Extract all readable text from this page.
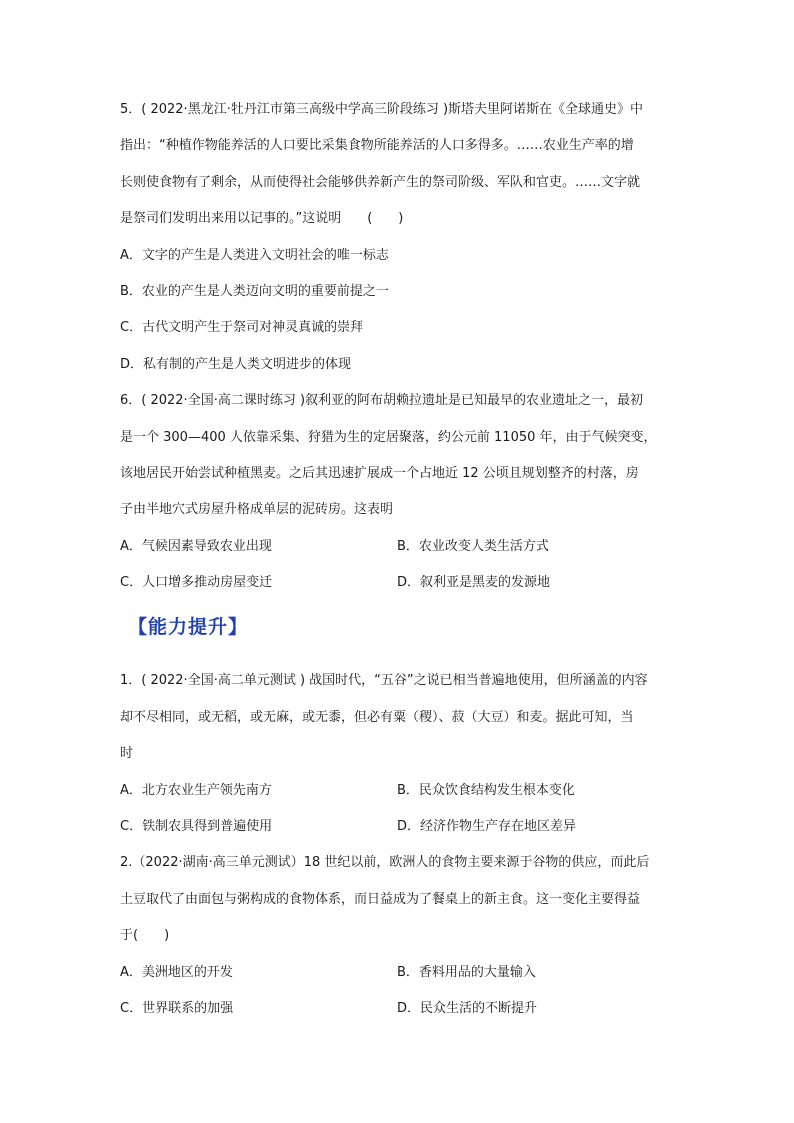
5．( 2022·黑龙江·牡丹江市第三高级中学高三阶段练习 )斯塔夫里阿诺斯在《全球通史》中
指出：“种植作物能养活的人口要比采集食物所能养活的人口多得多。……农业生产率的增
长则使食物有了剩余，从而使得社会能够供养新产生的祭司阶级、军队和官吏。……文字就
是祭司们发明出来用以记事的。”这说明　　(　　)
A．文字的产生是人类进入文明社会的唯一标志
B．农业的产生是人类迈向文明的重要前提之一
C．古代文明产生于祭司对神灵真诚的崇拜
D．私有制的产生是人类文明进步的体现
6．( 2022·全国·高二课时练习 )叙利亚的阿布胡赖拉遗址是已知最早的农业遗址之一，最初
是一个 300—400 人依靠采集、狩猎为生的定居聚落，约公元前 11050 年，由于气候突变，
该地居民开始尝试种植黑麦。之后其迅速扩展成一个占地近 12 公顷且规划整齐的村落，房
子由半地穴式房屋升格成单层的泥砖房。这表明
A．气候因素导致农业出现	B．农业改变人类生活方式
C．人口增多推动房屋变迁	D．叙利亚是黑麦的发源地
【能力提升】
1．( 2022·全国·高二单元测试 ) 战国时代，“五谷”之说已相当普遍地使用，但所涵盖的内容
却不尽相同，或无稻，或无麻，或无黍，但必有粟（稷）、菽（大豆）和麦。据此可知，当
时
A．北方农业生产领先南方	B．民众饮食结构发生根本变化
C．铁制农具得到普遍使用	D．经济作物生产存在地区差异
2.（2022·湖南·高三单元测试）18 世纪以前，欧洲人的食物主要来源于谷物的供应，而此后
土豆取代了由面包与粥构成的食物体系，而日益成为了餐桌上的新主食。这一变化主要得益
于(　　)
A．美洲地区的开发	B．香料用品的大量输入
C．世界联系的加强	D．民众生活的不断提升
